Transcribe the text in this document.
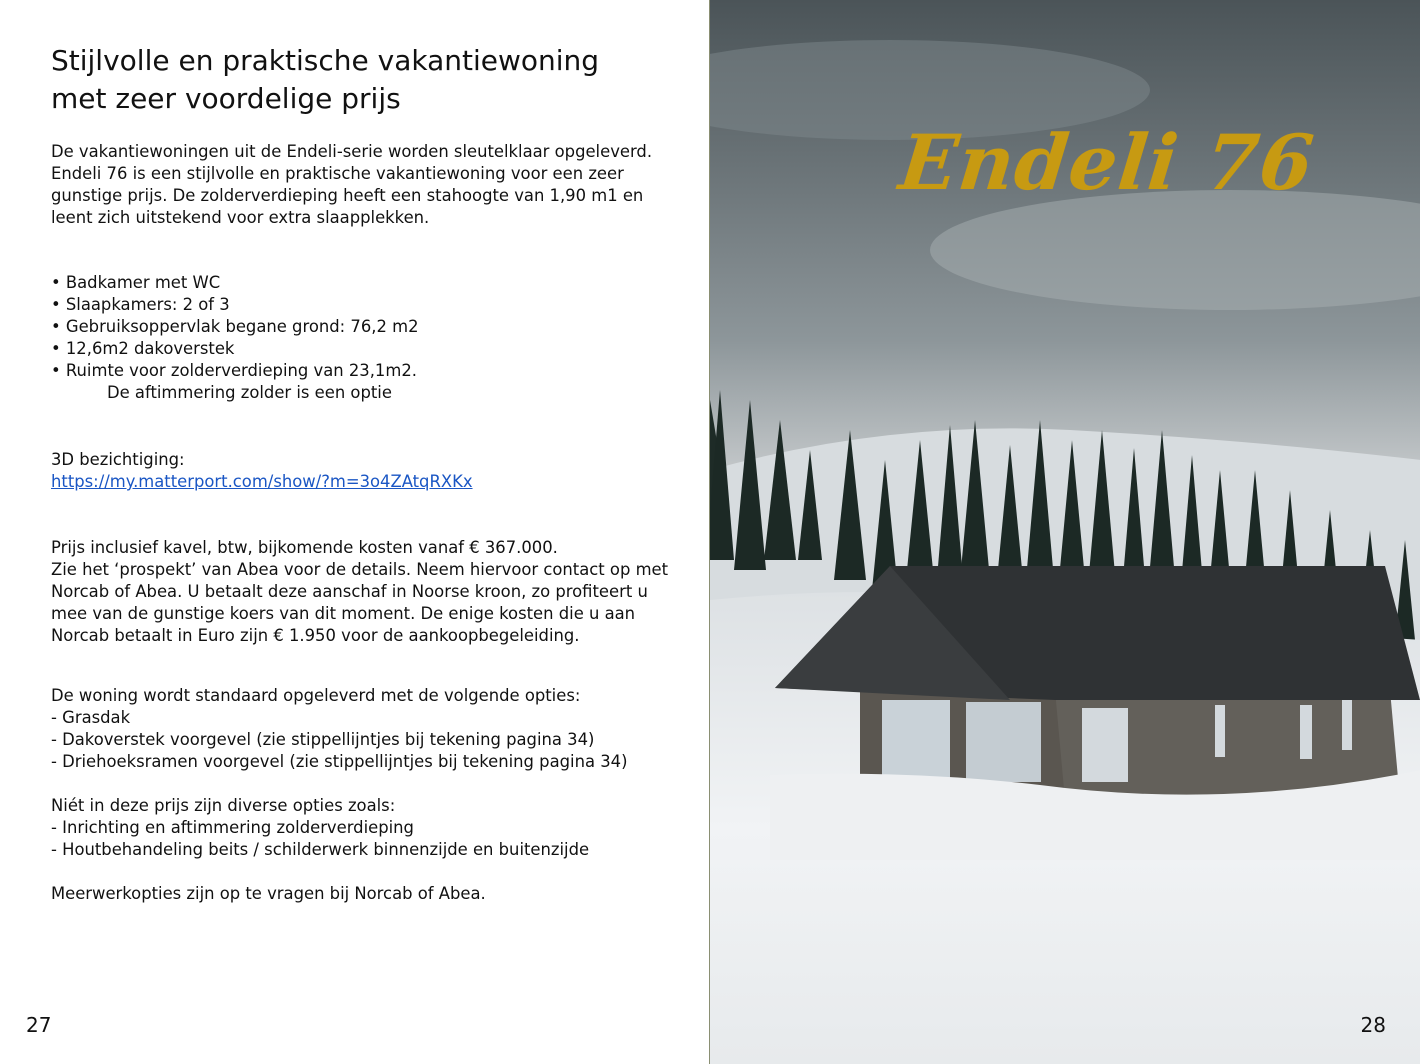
Stijlvolle en praktische vakantiewoning
met zeer voordelige prijs
De vakantiewoningen uit de Endeli-serie worden sleutelklaar opgeleverd.
Endeli 76 is een stijlvolle en praktische vakantiewoning voor een zeer
gunstige prijs. De zolderverdieping heeft een stahoogte van 1,90 m1 en
leent zich uitstekend voor extra slaapplekken.
• Badkamer met WC
• Slaapkamers: 2 of 3
• Gebruiksoppervlak begane grond: 76,2 m2
• 12,6m2 dakoverstek
• Ruimte voor zolderverdieping van 23,1m2.
De aftimmering zolder is een optie
3D bezichtiging:
https://my.matterport.com/show/?m=3o4ZAtqRXKx
Prijs inclusief kavel, btw, bijkomende kosten vanaf € 367.000.
Zie het ‘prospekt’ van Abea voor de details. Neem hiervoor contact op met
Norcab of Abea. U betaalt deze aanschaf in Noorse kroon, zo profiteert u
mee van de gunstige koers van dit moment. De enige kosten die u aan
Norcab betaalt in Euro zijn € 1.950 voor de aankoopbegeleiding.
De woning wordt standaard opgeleverd met de volgende opties:
- Grasdak
- Dakoverstek voorgevel (zie stippellijntjes bij tekening pagina 34)
- Driehoeksramen voorgevel (zie stippellijntjes bij tekening pagina 34)
Niét in deze prijs zijn diverse opties zoals:
- Inrichting en aftimmering zolderverdieping
- Houtbehandeling beits / schilderwerk binnenzijde en buitenzijde
Meerwerkopties zijn op te vragen bij Norcab of Abea.
27
Endeli 76
28
